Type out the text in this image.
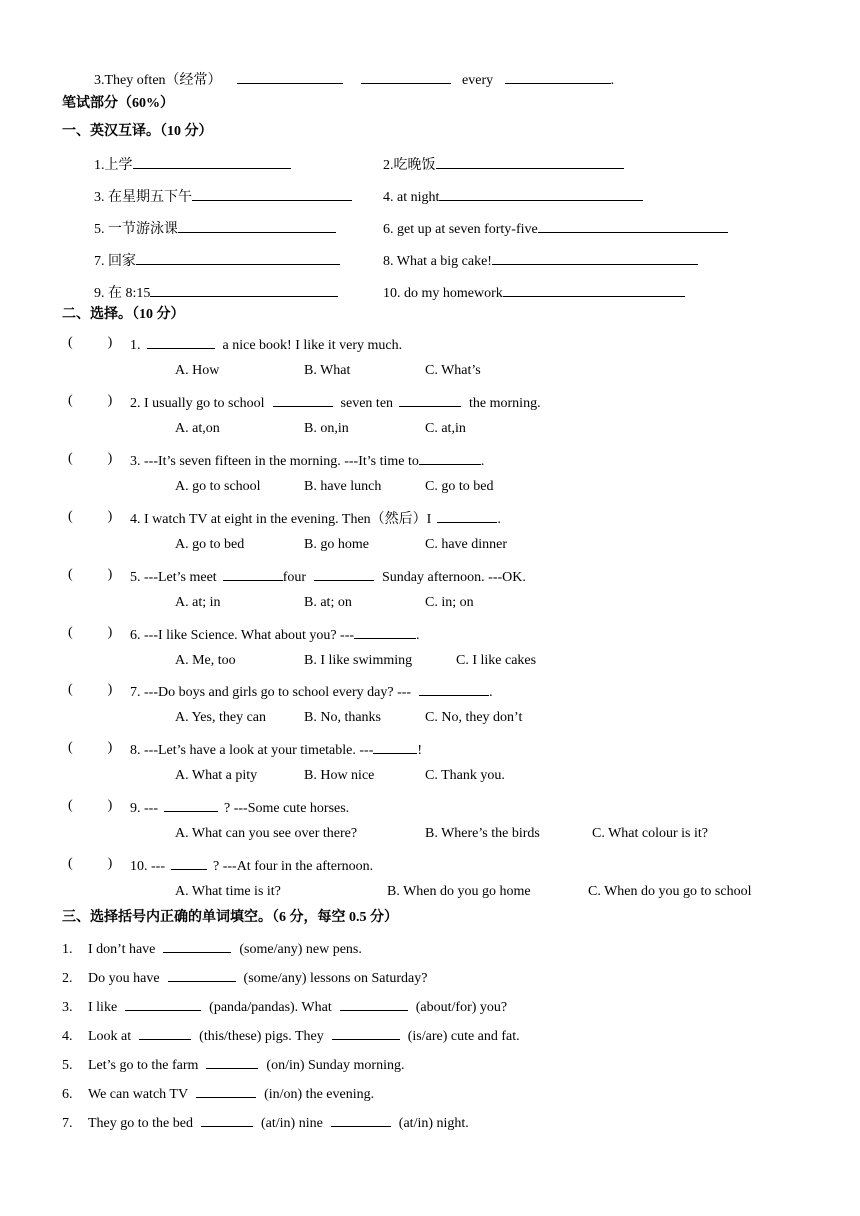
3.They often（经常）	every	.
笔试部分（60%）
一、英汉互译。（10 分）
1.上学	2.吃晚饭
3. 在星期五下午	4. at night
5. 一节游泳课	6. get up at seven forty-five
7. 回家	8. What a big cake!
9. 在 8:15	10. do my homework
二、选择。（10 分）
(          ) 1.	a nice book! I like it very much.
A. How	B. What	C. What’s
(          ) 2. I usually go to school	seven ten	the morning.
A. at,on	B. on,in	C. at,in
(          ) 3. ---It’s seven fifteen in the morning. ---It’s time to	.
A. go to school	B. have lunch	C. go to bed
(          ) 4. I watch TV at eight in the evening. Then（然后）I	.
A. go to bed	B. go home	C. have dinner
(          ) 5. ---Let’s meet	four	Sunday afternoon. ---OK.
A. at; in	B. at; on	C. in; on
(          ) 6. ---I like Science. What about you? ---	.
A. Me, too	B. I like swimming	C. I like cakes
(          ) 7. ---Do boys and girls go to school every day? ---	.
A. Yes, they can	B. No, thanks	C. No, they don’t
(          ) 8. ---Let’s have a look at your timetable. ---	!
A. What a pity	B. How nice	C. Thank you.
(          ) 9. ---	? ---Some cute horses.
A. What can you see over there?	B. Where’s the birds	C. What colour is it?
(          ) 10. ---	? ---At four in the afternoon.
A. What time is it?	B. When do you go home	C. When do you go to school
三、选择括号内正确的单词填空。（6 分，每空 0.5 分）
1. I don’t have	(some/any) new pens.
2. Do you have	(some/any) lessons on Saturday?
3. I like	(panda/pandas). What	(about/for) you?
4. Look at	(this/these) pigs. They	(is/are) cute and fat.
5. Let’s go to the farm	(on/in) Sunday morning.
6. We can watch TV	(in/on) the evening.
7. They go to the bed	(at/in) nine	(at/in) night.
